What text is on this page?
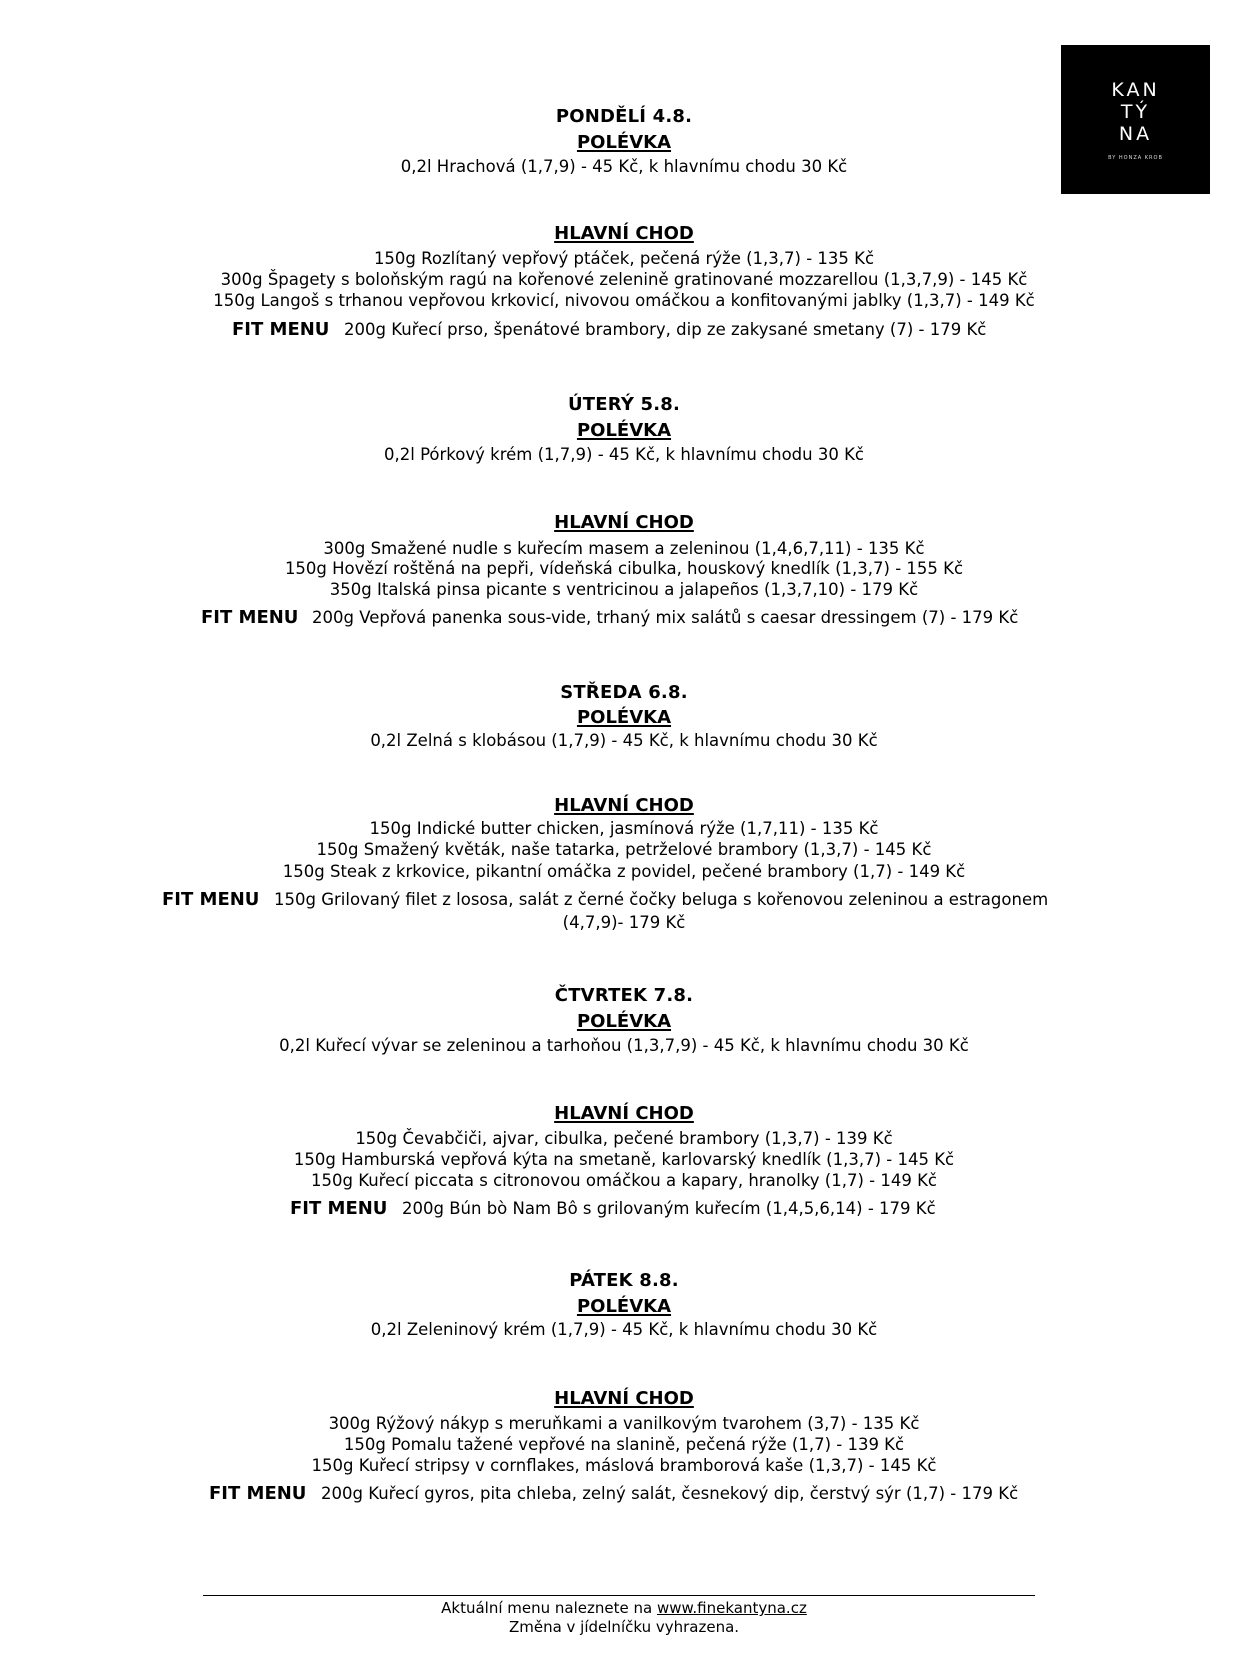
KAN
TÝ
NA
BY HONZA KROB
PONDĚLÍ 4.8.
POLÉVKA
0,2l Hrachová (1,7,9) - 45 Kč, k hlavnímu chodu 30 Kč
HLAVNÍ CHOD
150g Rozlítaný vepřový ptáček, pečená rýže (1,3,7) - 135 Kč
300g Špagety s boloňským ragú na kořenové zelenině gratinované mozzarellou (1,3,7,9) - 145 Kč
150g Langoš s trhanou vepřovou krkovicí, nivovou omáčkou a konfitovanými jablky (1,3,7) - 149 Kč
FIT MENU 200g Kuřecí prso, špenátové brambory, dip ze zakysané smetany (7) - 179 Kč
ÚTERÝ 5.8.
POLÉVKA
0,2l Pórkový krém (1,7,9) - 45 Kč, k hlavnímu chodu 30 Kč
HLAVNÍ CHOD
300g Smažené nudle s kuřecím masem a zeleninou (1,4,6,7,11) - 135 Kč
150g Hovězí roštěná na pepři, vídeňská cibulka, houskový knedlík (1,3,7) - 155 Kč
350g Italská pinsa picante s ventricinou a jalapeños (1,3,7,10) - 179 Kč
FIT MENU 200g Vepřová panenka sous-vide, trhaný mix salátů s caesar dressingem (7) - 179 Kč
STŘEDA 6.8.
POLÉVKA
0,2l Zelná s klobásou (1,7,9) - 45 Kč, k hlavnímu chodu 30 Kč
HLAVNÍ CHOD
150g Indické butter chicken, jasmínová rýže (1,7,11) - 135 Kč
150g Smažený květák, naše tatarka, petrželové brambory (1,3,7) - 145 Kč
150g Steak z krkovice, pikantní omáčka z povidel, pečené brambory (1,7) - 149 Kč
FIT MENU 150g Grilovaný filet z lososa, salát z černé čočky beluga s kořenovou zeleninou a estragonem
(4,7,9)- 179 Kč
ČTVRTEK 7.8.
POLÉVKA
0,2l Kuřecí vývar se zeleninou a tarhoňou (1,3,7,9) - 45 Kč, k hlavnímu chodu 30 Kč
HLAVNÍ CHOD
150g Čevabčiči, ajvar, cibulka, pečené brambory (1,3,7) - 139 Kč
150g Hamburská vepřová kýta na smetaně, karlovarský knedlík (1,3,7) - 145 Kč
150g Kuřecí piccata s citronovou omáčkou a kapary, hranolky (1,7) - 149 Kč
FIT MENU 200g Bún bò Nam Bô s grilovaným kuřecím (1,4,5,6,14) - 179 Kč
PÁTEK 8.8.
POLÉVKA
0,2l Zeleninový krém (1,7,9) - 45 Kč, k hlavnímu chodu 30 Kč
HLAVNÍ CHOD
300g Rýžový nákyp s meruňkami a vanilkovým tvarohem (3,7) - 135 Kč
150g Pomalu tažené vepřové na slanině, pečená rýže (1,7) - 139 Kč
150g Kuřecí stripsy v cornflakes, máslová bramborová kaše (1,3,7) - 145 Kč
FIT MENU 200g Kuřecí gyros, pita chleba, zelný salát, česnekový dip, čerstvý sýr (1,7) - 179 Kč
Aktuální menu naleznete na www.finekantyna.cz
Změna v jídelníčku vyhrazena.
